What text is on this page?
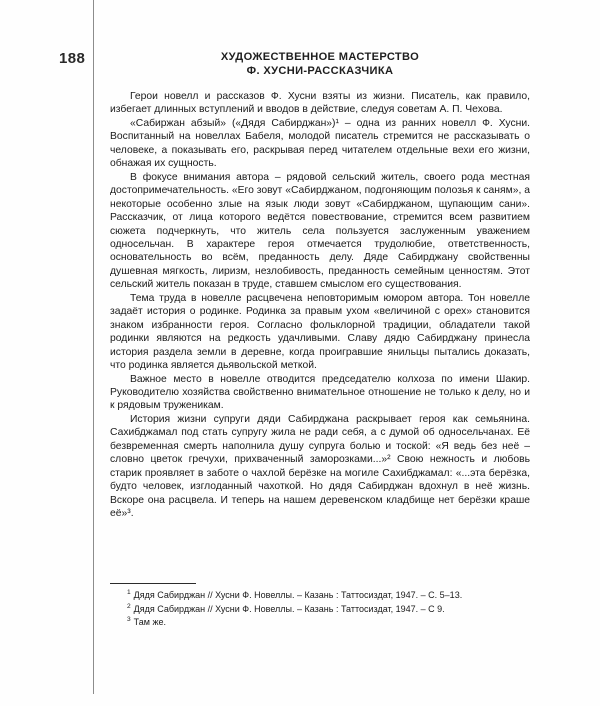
188	ХУДОЖЕСТВЕННОЕ МАСТЕРСТВО
Ф. ХУСНИ-РАССКАЗЧИКА

Герои новелл и рассказов Ф. Хусни взяты из жизни. Писатель, как правило, избегает длинных вступлений и вводов в действие, следуя советам А. П. Чехова.

«Сабиржан абзый» («Дядя Сабирджан»)¹ – одна из ранних новелл Ф. Хусни. Воспитанный на новеллах Бабеля, молодой писатель стремится не рассказывать о человеке, а показывать его, раскрывая перед читателем отдельные вехи его жизни, обнажая их сущность.

В фокусе внимания автора – рядовой сельский житель, своего рода местная достопримечательность. «Его зовут «Сабирджаном, подгоняющим полозья к саням», а некоторые особенно злые на язык люди зовут «Сабирджаном, щупающим сани». Рассказчик, от лица которого ведётся повествование, стремится всем развитием сюжета подчеркнуть, что житель села пользуется заслуженным уважением односельчан. В характере героя отмечается трудолюбие, ответственность, основательность во всём, преданность делу. Дяде Сабирджану свойственны душевная мягкость, лиризм, незлобивость, преданность семейным ценностям. Этот сельский житель показан в труде, ставшем смыслом его существования.

Тема труда в новелле расцвечена неповторимым юмором автора. Тон новелле задаёт история о родинке. Родинка за правым ухом «величиной с орех» становится знаком избранности героя. Согласно фольклорной традиции, обладатели такой родинки являются на редкость удачливыми. Славу дядю Сабирджану принесла история раздела земли в деревне, когда проигравшие янильцы пытались доказать, что родинка является дьявольской меткой.

Важное место в новелле отводится председателю колхоза по имени Шакир. Руководителю хозяйства свойственно внимательное отношение не только к делу, но и к рядовым труженикам.

История жизни супруги дяди Сабирджана раскрывает героя как семьянина. Сахибджамал под стать супругу жила не ради себя, а с думой об односельчанах. Её безвременная смерть наполнила душу супруга болью и тоской: «Я ведь без неё – словно цветок гречухи, прихваченный заморозками...»² Свою нежность и любовь старик проявляет в заботе о чахлой берёзке на могиле Сахибджамал: «...эта берёзка, будто человек, изглоданный чахоткой. Но дядя Сабирджан вдохнул в неё жизнь. Вскоре она расцвела. И теперь на нашем деревенском кладбище нет берёзки краше её»³.

$^1$ Дядя Сабирджан // Хусни Ф. Новеллы. – Казань : Таттосиздат, 1947. – С. 5–13.

$^2$ Дядя Сабирджан // Хусни Ф. Новеллы. – Казань : Таттосиздат, 1947. – С 9.

$^3$ Там же.
